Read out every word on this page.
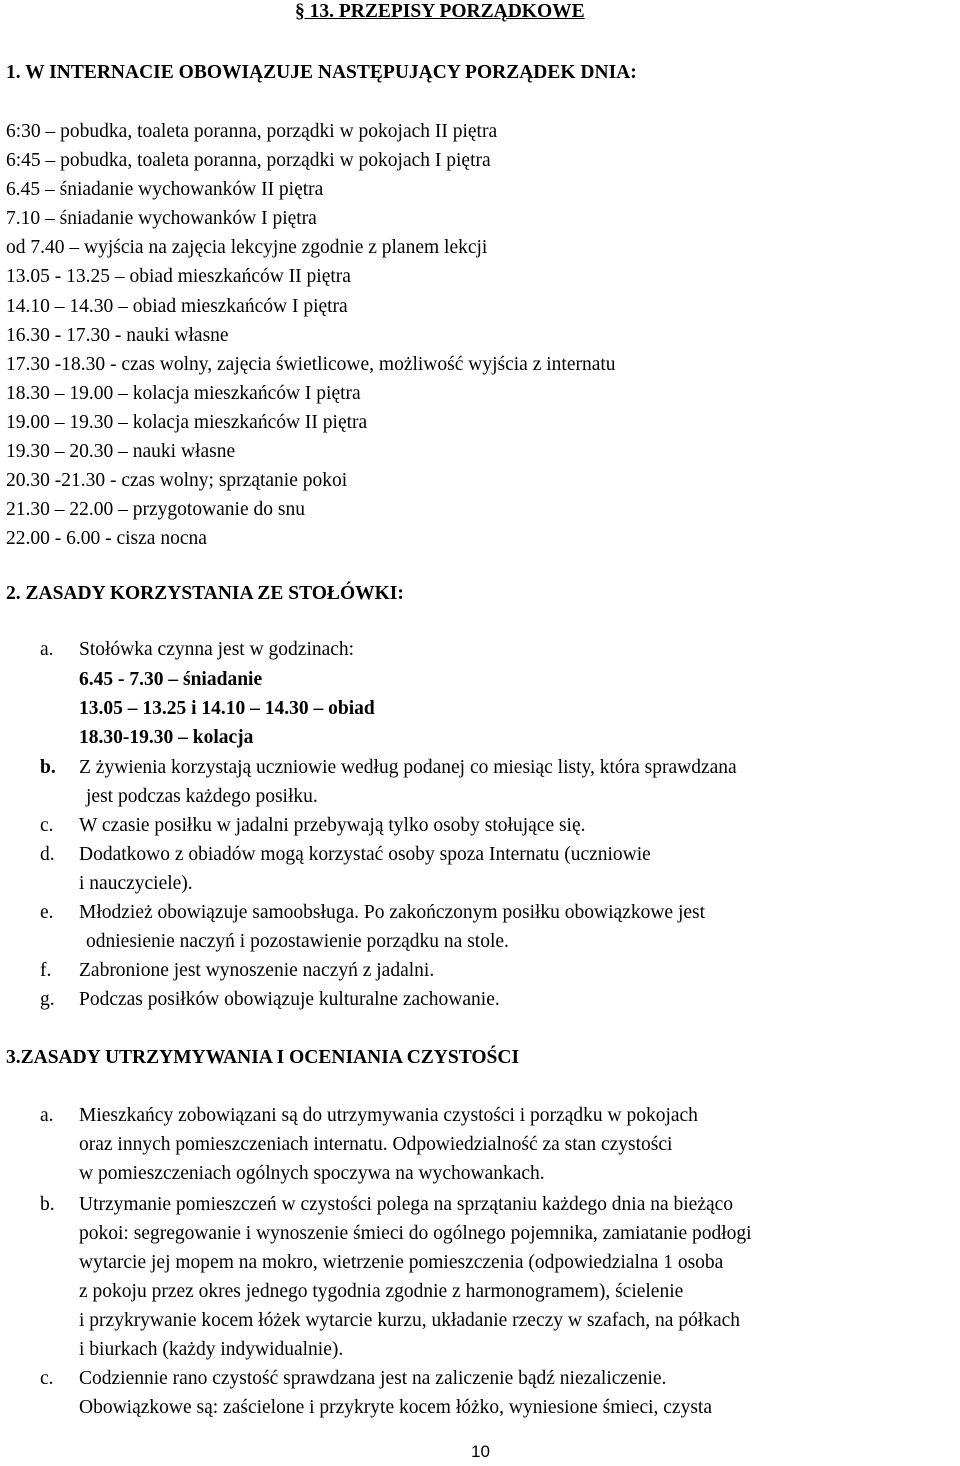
§ 13. PRZEPISY PORZĄDKOWE
1. W INTERNACIE OBOWIĄZUJE NASTĘPUJĄCY PORZĄDEK DNIA:
6:30 – pobudka, toaleta poranna, porządki w pokojach II piętra
6:45 – pobudka, toaleta poranna, porządki w pokojach I piętra
6.45 – śniadanie wychowanków II piętra
7.10 – śniadanie wychowanków I piętra
od 7.40 – wyjścia na zajęcia lekcyjne zgodnie z planem lekcji
13.05 - 13.25 – obiad mieszkańców II piętra
14.10 – 14.30 – obiad mieszkańców I piętra
16.30 - 17.30 - nauki własne
17.30 -18.30 - czas wolny, zajęcia świetlicowe, możliwość wyjścia z internatu
18.30 – 19.00 – kolacja mieszkańców I piętra
19.00 – 19.30 – kolacja mieszkańców II piętra
19.30 – 20.30 – nauki własne
20.30 -21.30 - czas wolny; sprzątanie pokoi
21.30 – 22.00 – przygotowanie do snu
22.00 - 6.00 - cisza nocna
2. ZASADY KORZYSTANIA ZE STOŁÓWKI:
a. Stołówka czynna jest w godzinach:
6.45 - 7.30 – śniadanie
13.05 – 13.25 i 14.10 – 14.30 – obiad
18.30-19.30 – kolacja
b. Z żywienia korzystają uczniowie według podanej co miesiąc listy, która sprawdzana
jest podczas każdego posiłku.
c. W czasie posiłku w jadalni przebywają tylko osoby stołujące się.
d. Dodatkowo z obiadów mogą korzystać osoby spoza Internatu (uczniowie
i nauczyciele).
e. Młodzież obowiązuje samoobsługa. Po zakończonym posiłku obowiązkowe jest
odniesienie naczyń i pozostawienie porządku na stole.
f. Zabronione jest wynoszenie naczyń z jadalni.
g. Podczas posiłków obowiązuje kulturalne zachowanie.
3.ZASADY UTRZYMYWANIA I OCENIANIA CZYSTOŚCI
a. Mieszkańcy zobowiązani są do utrzymywania czystości i porządku w pokojach
oraz innych pomieszczeniach internatu. Odpowiedzialność za stan czystości
w pomieszczeniach ogólnych spoczywa na wychowankach.
b. Utrzymanie pomieszczeń w czystości polega na sprzątaniu każdego dnia na bieżąco
pokoi: segregowanie i wynoszenie śmieci do ogólnego pojemnika, zamiatanie podłogi
wytarcie jej mopem na mokro, wietrzenie pomieszczenia (odpowiedzialna 1 osoba
z pokoju przez okres jednego tygodnia zgodnie z harmonogramem), ścielenie
i przykrywanie kocem łóżek wytarcie kurzu, układanie rzeczy w szafach, na półkach
i biurkach (każdy indywidualnie).
c. Codziennie rano czystość sprawdzana jest na zaliczenie bądź niezaliczenie.
Obowiązkowe są: zaścielone i przykryte kocem łóżko, wyniesione śmieci, czysta
10
